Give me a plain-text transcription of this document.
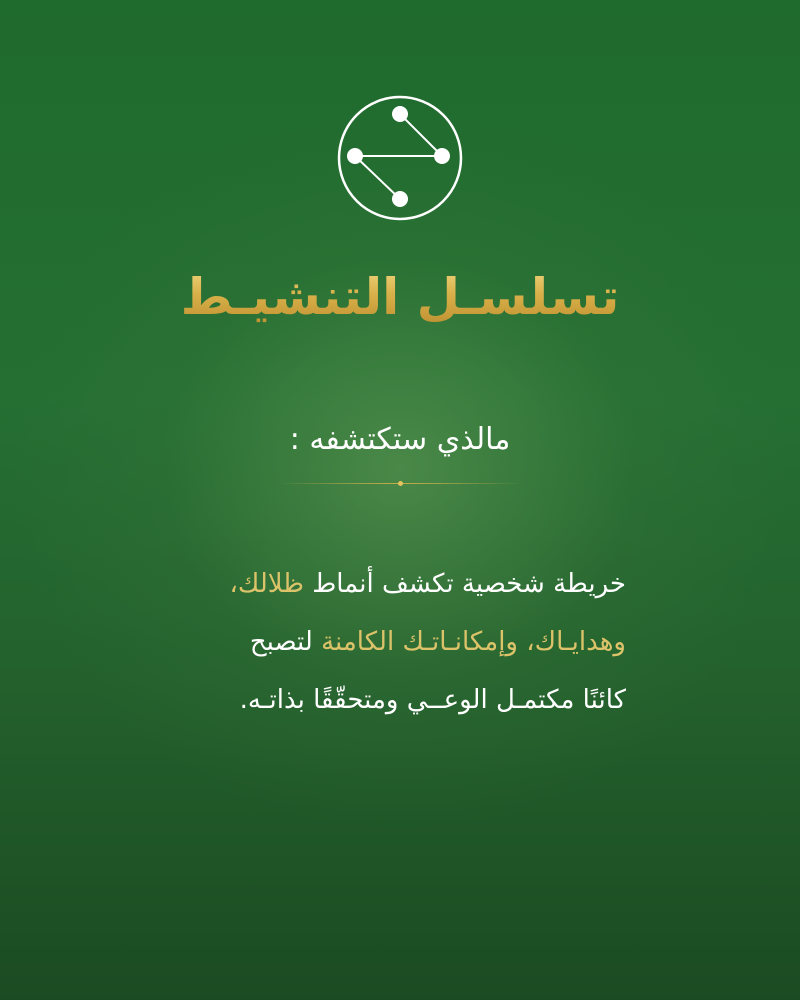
تسلسـل التنشيـط
مالذي ستكتشفه :
خريطة شخصية تكشف أنماط ظلالك،
وهدايـاك، وإمكانـاتـك الكامنة لتصبح
كائنًا مكتمـل الوعــي ومتحقّقًا بذاتـه.
